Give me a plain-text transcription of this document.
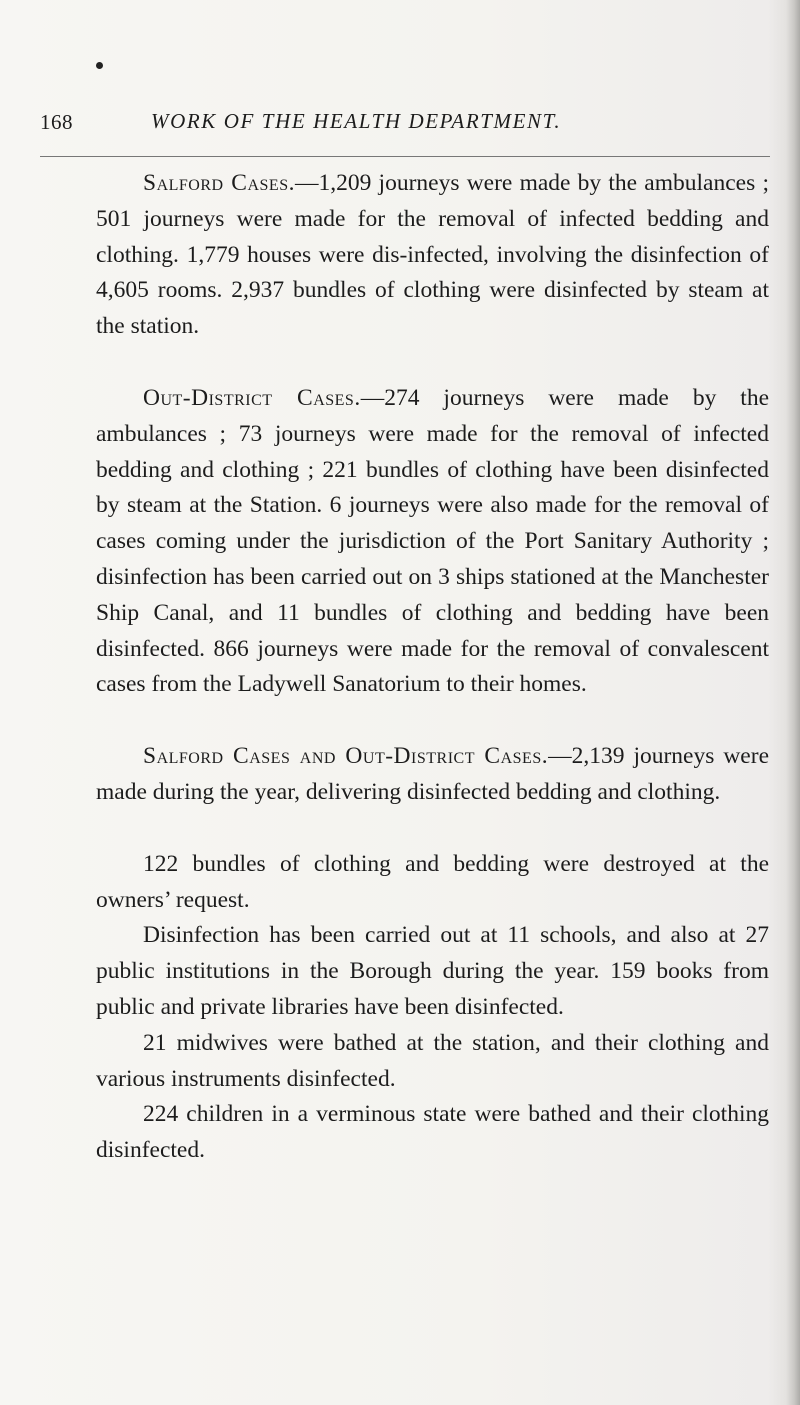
168	WORK OF THE HEALTH DEPARTMENT.

Salford Cases.—1,209 journeys were made by the ambulances ; 501 journeys were made for the removal of infected bedding and clothing. 1,779 houses were dis-infected, involving the disinfection of 4,605 rooms. 2,937 bundles of clothing were disinfected by steam at the station.

Out-District Cases.—274 journeys were made by the ambulances ; 73 journeys were made for the removal of infected bedding and clothing ; 221 bundles of clothing have been disinfected by steam at the Station. 6 journeys were also made for the removal of cases coming under the jurisdiction of the Port Sanitary Authority ; disinfection has been carried out on 3 ships stationed at the Manchester Ship Canal, and 11 bundles of clothing and bedding have been disinfected. 866 journeys were made for the removal of convalescent cases from the Ladywell Sanatorium to their homes.

Salford Cases and Out-District Cases.—2,139 journeys were made during the year, delivering disinfected bedding and clothing.

122 bundles of clothing and bedding were destroyed at the owners’ request.

Disinfection has been carried out at 11 schools, and also at 27 public institutions in the Borough during the year. 159 books from public and private libraries have been disinfected.

21 midwives were bathed at the station, and their clothing and various instruments disinfected.

224 children in a verminous state were bathed and their clothing disinfected.
